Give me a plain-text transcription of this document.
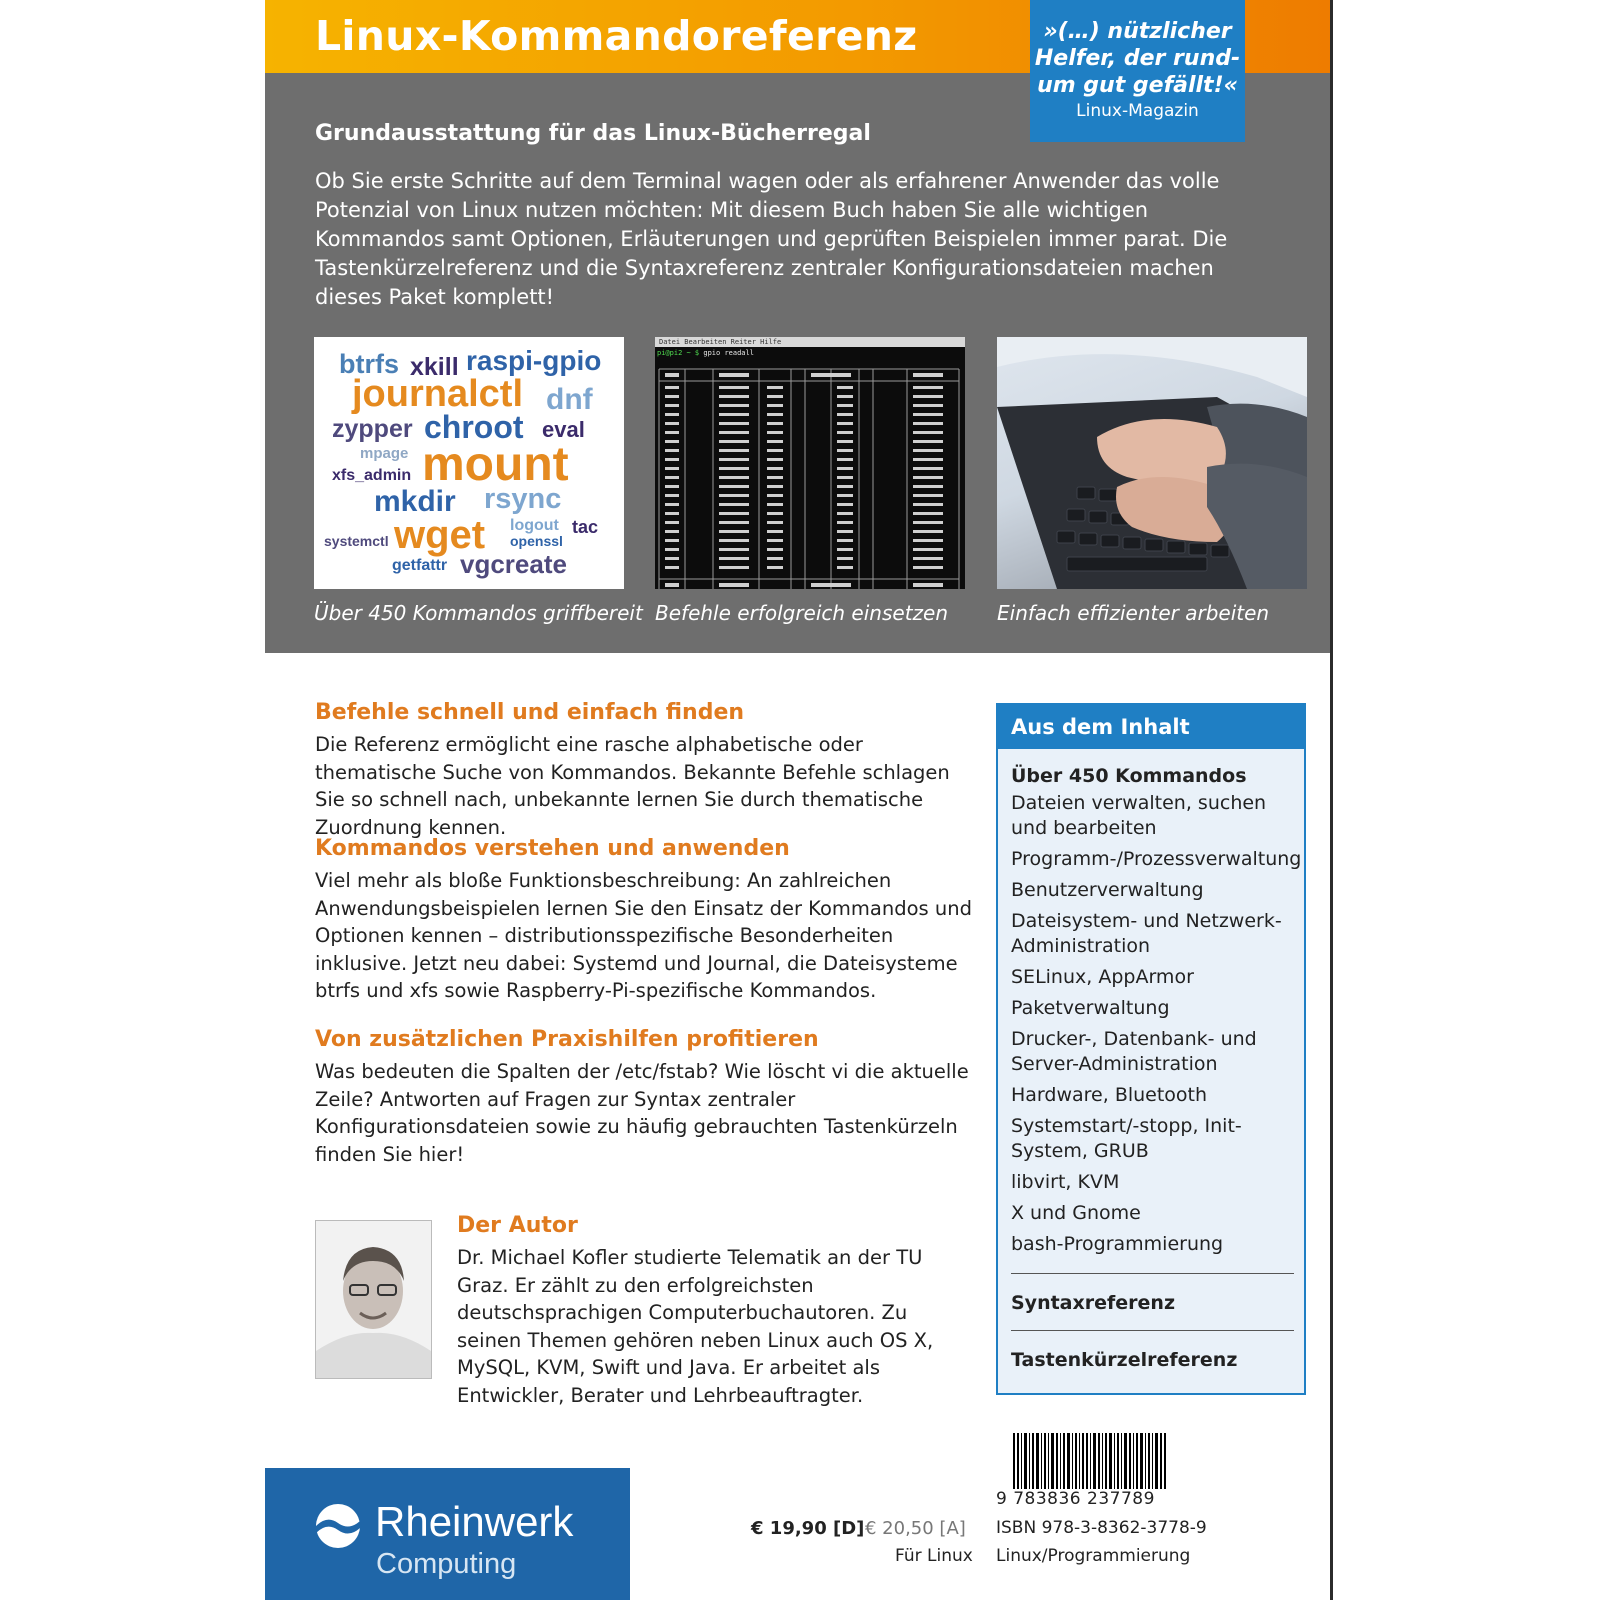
Linux-Kommandoreferenz
Grundausstattung für das Linux-Bücherregal
Ob Sie erste Schritte auf dem Terminal wagen oder als erfahrener Anwender das volle Potenzial von Linux nutzen möchten: Mit diesem Buch haben Sie alle wichtigen Kommandos samt Optionen, Erläuterungen und geprüften Beispielen immer parat. Die Tastenkürzelreferenz und die Syntaxreferenz zentraler Konfigurationsdateien machen dieses Paket komplett!
btrfs xkill raspi-gpio
journalctl dnf
zypper chroot eval
mpage
xfs_admin mount
mkdir rsync
logout tac
systemctl wget openssl
getfattr vgcreate
Datei Bearbeiten Reiter Hilfe
pi@pi2 ~ $ gpio readall
Über 450 Kommandos griffbereit Befehle erfolgreich einsetzen Einfach effizienter arbeiten
»(…) nützlicher
Helfer, der rund-
um gut gefällt!«
Linux-Magazin
Befehle schnell und einfach finden

Die Referenz ermöglicht eine rasche alphabetische oder thematische Suche von Kommandos. Bekannte Befehle schlagen Sie so schnell nach, unbekannte lernen Sie durch thematische Zuordnung kennen.

Kommandos verstehen und anwenden

Viel mehr als bloße Funktionsbeschreibung: An zahlreichen Anwendungsbeispielen lernen Sie den Einsatz der Kommandos und Optionen kennen – distributionsspezifische Besonderheiten inklusive. Jetzt neu dabei: Systemd und Journal, die Dateisysteme btrfs und xfs sowie Raspberry-Pi-spezifische Kommandos.

Von zusätzlichen Praxishilfen profitieren

Was bedeuten die Spalten der /etc/fstab? Wie löscht vi die aktuelle Zeile? Antworten auf Fragen zur Syntax zentraler Konfigurationsdateien sowie zu häufig gebrauchten Tastenkürzeln finden Sie hier!

Der Autor

Dr. Michael Kofler studierte Telematik an der TU Graz. Er zählt zu den erfolgreichsten deutschsprachigen Computerbuchautoren. Zu seinen Themen gehören neben Linux auch OS X, MySQL, KVM, Swift und Java. Er arbeitet als Entwickler, Berater und Lehrbeauftragter.

Aus dem Inhalt
Über 450 Kommandos
Dateien verwalten, suchen und bearbeiten
Programm-/Prozessverwaltung
Benutzerverwaltung
Dateisystem- und Netzwerk-Administration
SELinux, AppArmor
Paketverwaltung
Drucker-, Datenbank- und Server-Administration
Hardware, Bluetooth
Systemstart/-stopp, Init-System, GRUB
libvirt, KVM
X und Gnome
bash-Programmierung
Syntaxreferenz
Tastenkürzelreferenz
9 783836 237789
ISBN 978-3-8362-3778-9
Linux/Programmierung
€ 19,90 [D] € 20,50 [A]
Für Linux
Rheinwerk
Computing
